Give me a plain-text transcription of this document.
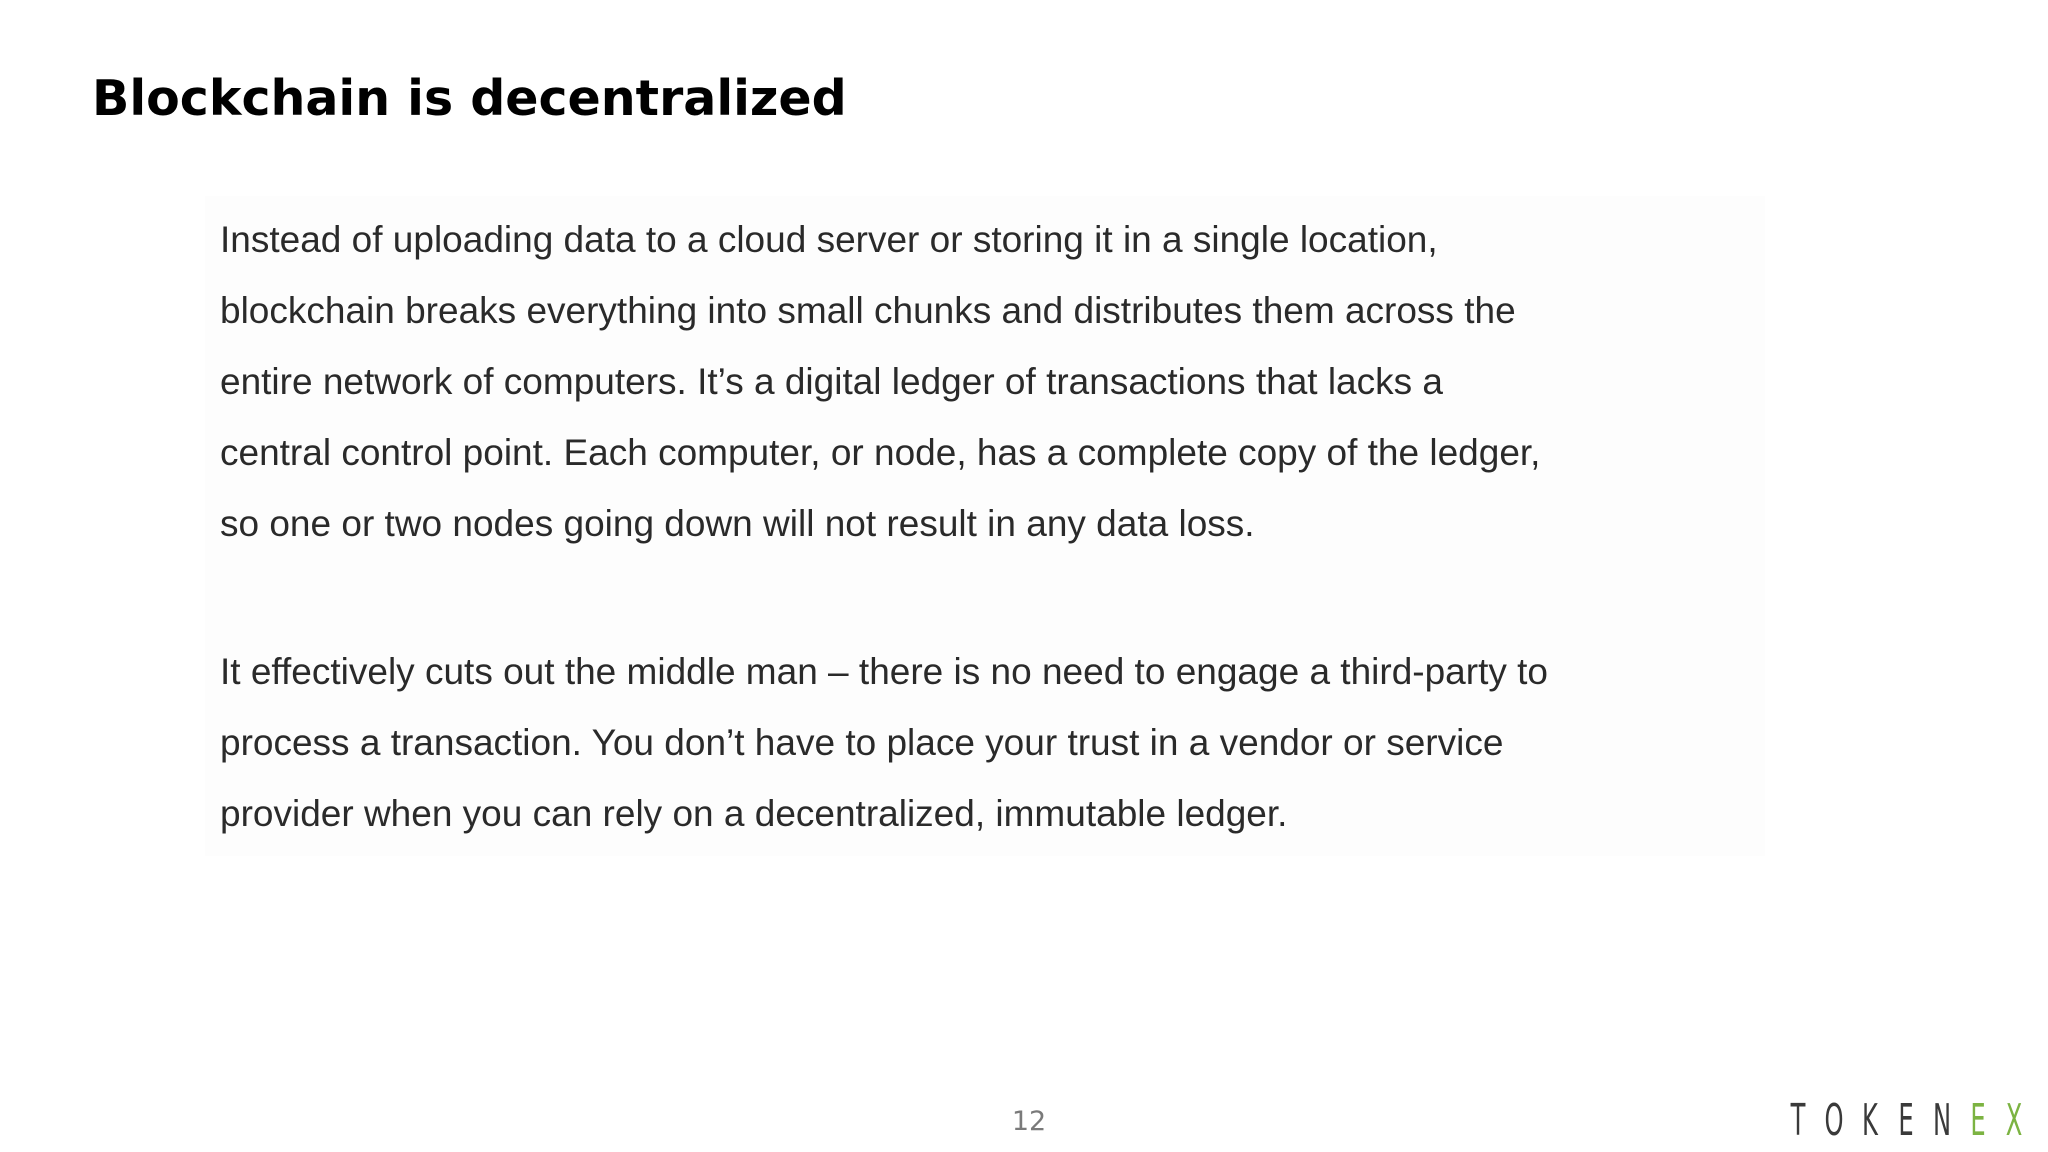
Blockchain is decentralized

Instead of uploading data to a cloud server or storing it in a single location,
blockchain breaks everything into small chunks and distributes them across the
entire network of computers. It’s a digital ledger of transactions that lacks a
central control point. Each computer, or node, has a complete copy of the ledger,
so one or two nodes going down will not result in any data loss.

It effectively cuts out the middle man – there is no need to engage a third-party to
process a transaction. You don’t have to place your trust in a vendor or service
provider when you can rely on a decentralized, immutable ledger.

12	T O K E N E X
